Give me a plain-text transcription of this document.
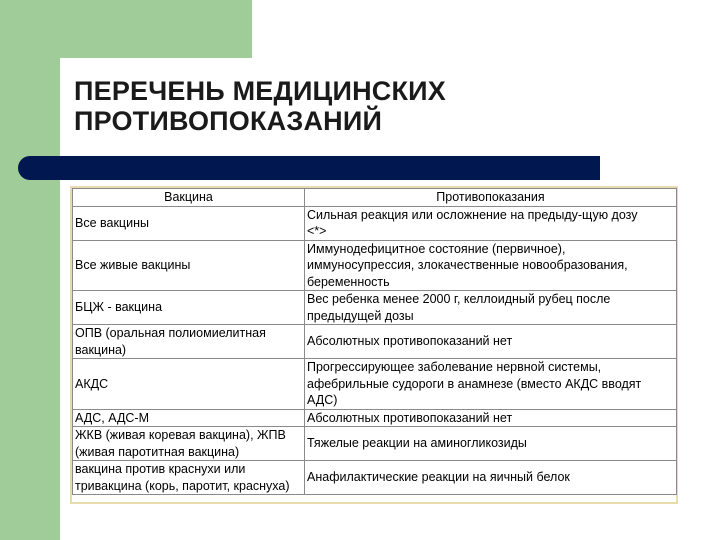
ПЕРЕЧЕНЬ МЕДИЦИНСКИХ
ПРОТИВОПОКАЗАНИЙ
Вакцина	Противопоказания

Все вакцины	Сильная реакция или осложнение на предыду-щую дозу
<*>

Все живые вакцины	Иммунодефицитное состояние (первичное),
иммуносупрессия, злокачественные новообразования,
беременность

БЦЖ - вакцина	Вес ребенка менее 2000 г, келлоидный рубец после
предыдущей дозы

ОПВ (оральная полиомиелитная
вакцина)	Абсолютных противопоказаний нет

АКДС	Прогрессирующее заболевание нервной системы,
афебрильные судороги в анамнезе (вместо АКДС вводят
АДС)

АДС, АДС-М	Абсолютных противопоказаний нет

ЖКВ (живая коревая вакцина), ЖПВ
(живая паротитная вакцина)	Тяжелые реакции на аминогликозиды

вакцина против краснухи или
тривакцина (корь, паротит, краснуха)	Анафилактические реакции на яичный белок
